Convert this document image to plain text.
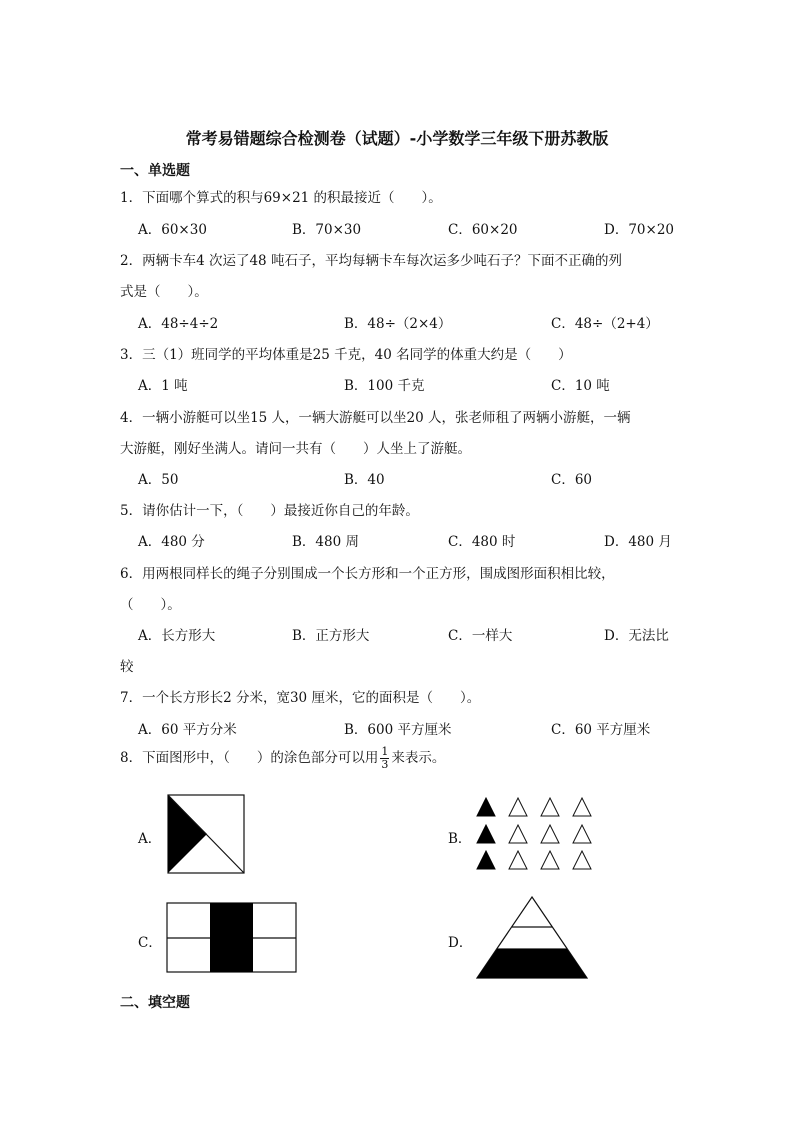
常考易错题综合检测卷（试题）-小学数学三年级下册苏教版
一、单选题
1．下面哪个算式的积与69×21 的积最接近（　　）。
A．60×30	B．70×30	C．60×20	D．70×20
2．两辆卡车4 次运了48 吨石子，平均每辆卡车每次运多少吨石子？下面不正确的列
式是（　　）。
A．48÷4÷2	B．48÷（2×4）	C．48÷（2+4）
3．三（1）班同学的平均体重是25 千克，40 名同学的体重大约是（　　）
A．1 吨	B．100 千克	C．10 吨
4．一辆小游艇可以坐15 人，一辆大游艇可以坐20 人，张老师租了两辆小游艇，一辆
大游艇，刚好坐满人。请问一共有（　　）人坐上了游艇。
A．50	B．40	C．60
5．请你估计一下，（　　）最接近你自己的年龄。
A．480 分	B．480 周	C．480 时	D．480 月
6．用两根同样长的绳子分别围成一个长方形和一个正方形，围成图形面积相比较，
（　　）。
A．长方形大	B．正方形大	C．一样大	D．无法比
较
7．一个长方形长2 分米，宽30 厘米，它的面积是（　　）。
A．60 平方分米	B．600 平方厘米	C．60 平方厘米
8．下面图形中，（　　）的涂色部分可以用 $\frac{1}{3}$ 来表示。
A．	B．
C．	D．
二、填空题
